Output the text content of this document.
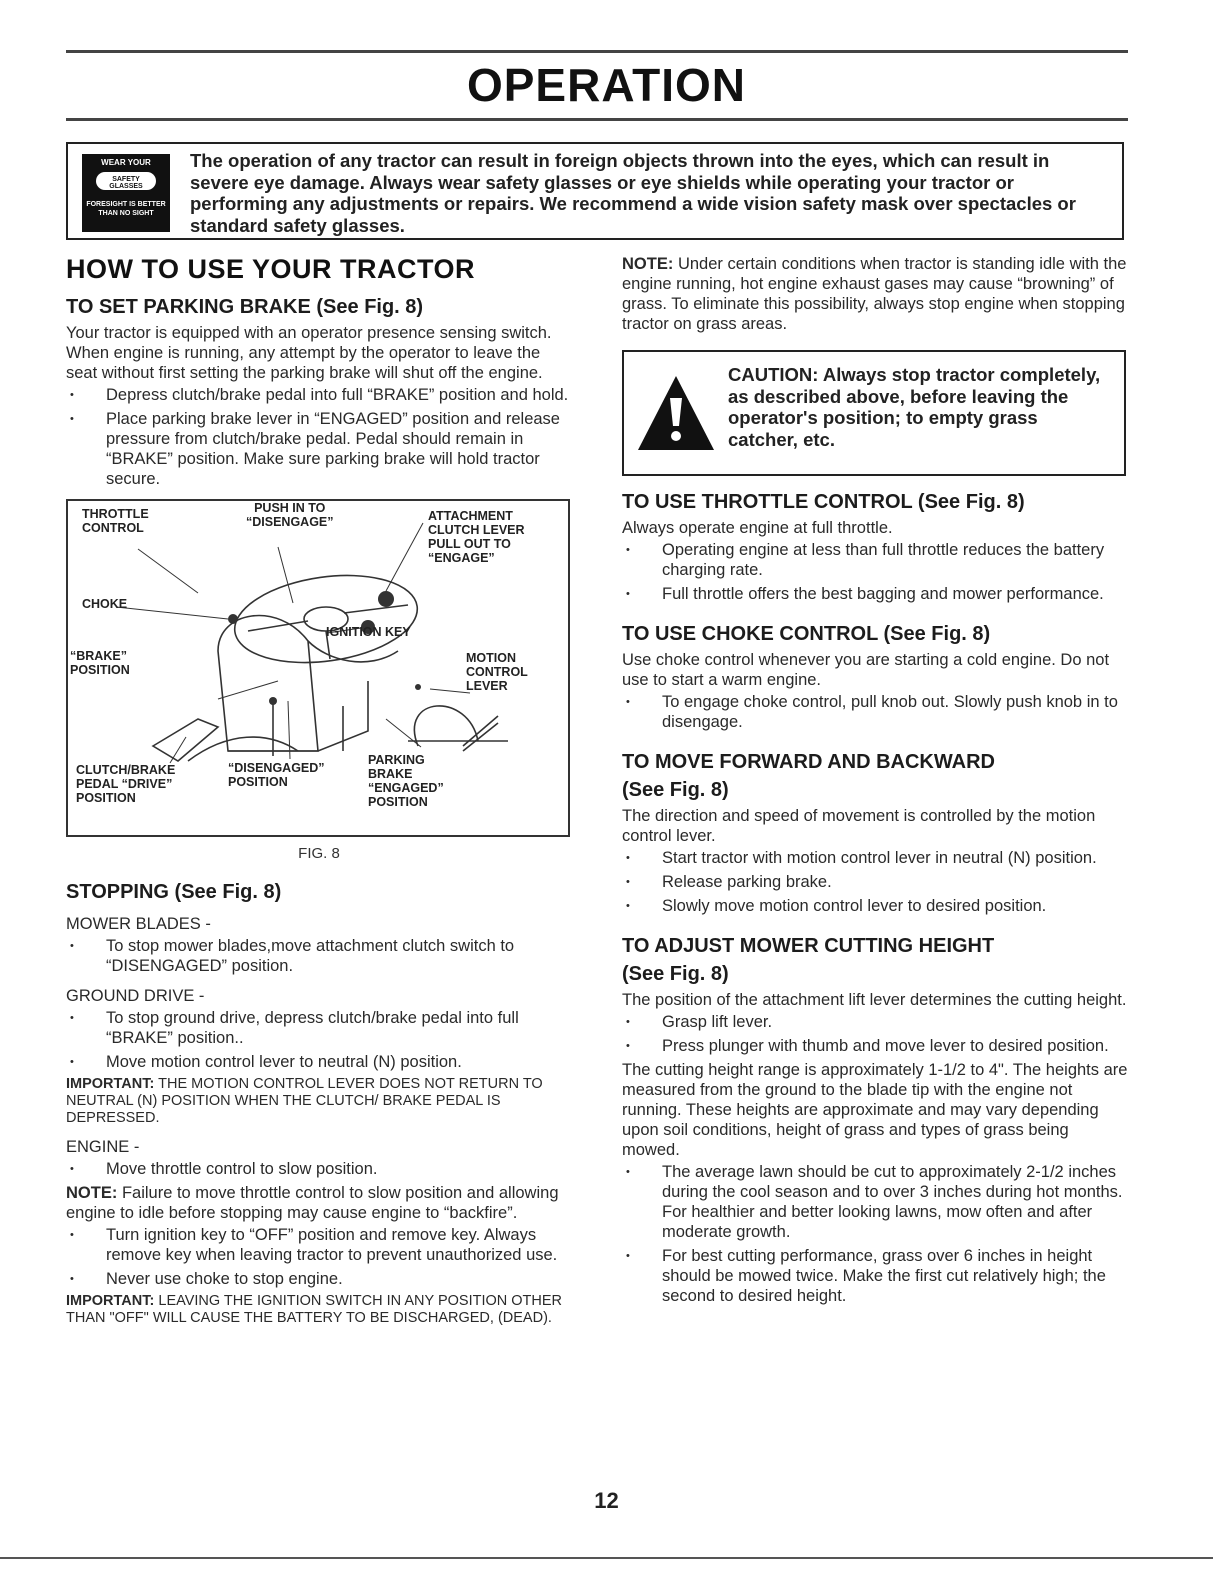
OPERATION
WEAR YOUR
SAFETY GLASSES
FORESIGHT IS BETTER THAN NO SIGHT
The operation of any tractor can result in foreign objects thrown into the eyes, which can result in severe eye damage. Always wear safety glasses or eye shields while operating your tractor or performing any adjustments or repairs. We recommend a wide vision safety mask over spectacles or standard safety glasses.
HOW TO USE YOUR TRACTOR
TO SET PARKING BRAKE (See Fig. 8)

Your tractor is equipped with an operator presence sensing switch. When engine is running, any attempt by the operator to leave the seat without first setting the parking brake will shut off the engine.

• Depress clutch/brake pedal into full “BRAKE” position and hold.
• Place parking brake lever in “ENGAGED” position and release pressure from clutch/brake pedal. Pedal should remain in “BRAKE” position. Make sure parking brake will hold tractor secure.
THROTTLE
CONTROL
PUSH IN TO
“DISENGAGE”	ATTACHMENT
CLUTCH LEVER
PULL OUT TO
“ENGAGE”
CHOKE
IGNITION KEY
“BRAKE”
POSITION
MOTION
CONTROL
LEVER
CLUTCH/BRAKE
PEDAL “DRIVE”
POSITION
“DISENGAGED”
POSITION
PARKING
BRAKE
“ENGAGED”
POSITION
FIG. 8
STOPPING (See Fig. 8)

MOWER BLADES -

• To stop mower blades,move attachment clutch switch to “DISENGAGED” position.

GROUND DRIVE -

• To stop ground drive, depress clutch/brake pedal into full “BRAKE” position..
• Move motion control lever to neutral (N) position.

IMPORTANT: THE MOTION CONTROL LEVER DOES NOT RETURN TO NEUTRAL (N) POSITION WHEN THE CLUTCH/ BRAKE PEDAL IS DEPRESSED.

ENGINE -

• Move throttle control to slow position.

NOTE: Failure to move throttle control to slow position and allowing engine to idle before stopping may cause engine to “backfire”.

• Turn ignition key to “OFF” position and remove key. Always remove key when leaving tractor to prevent unauthorized use.
• Never use choke to stop engine.

IMPORTANT: LEAVING THE IGNITION SWITCH IN ANY POSITION OTHER THAN "OFF" WILL CAUSE THE BATTERY TO BE DISCHARGED, (DEAD).

NOTE: Under certain conditions when tractor is standing idle with the engine running, hot engine exhaust gases may cause “browning” of grass. To eliminate this possibility, always stop engine when stopping tractor on grass areas.

CAUTION: Always stop tractor completely, as described above, before leaving the operator's position; to empty grass catcher, etc.
TO USE THROTTLE CONTROL (See Fig. 8)

Always operate engine at full throttle.

• Operating engine at less than full throttle reduces the battery charging rate.
• Full throttle offers the best bagging and mower performance.
TO USE CHOKE CONTROL (See Fig. 8)

Use choke control whenever you are starting a cold engine. Do not use to start a warm engine.

• To engage choke control, pull knob out. Slowly push knob in to disengage.
TO MOVE FORWARD AND BACKWARD
(See Fig. 8)

The direction and speed of movement is controlled by the motion control lever.

• Start tractor with motion control lever in neutral (N) position.
• Release parking brake.
• Slowly move motion control lever to desired position.
TO ADJUST MOWER CUTTING HEIGHT
(See Fig. 8)

The position of the attachment lift lever determines the cutting height.

• Grasp lift lever.
• Press plunger with thumb and move lever to desired position.

The cutting height range is approximately 1-1/2 to 4". The heights are measured from the ground to the blade tip with the engine not running. These heights are approximate and may vary depending upon soil conditions, height of grass and types of grass being mowed.

• The average lawn should be cut to approximately 2-1/2 inches during the cool season and to over 3 inches during hot months. For healthier and better looking lawns, mow often and after moderate growth.
• For best cutting performance, grass over 6 inches in height should be mowed twice. Make the first cut relatively high; the second to desired height.
12
